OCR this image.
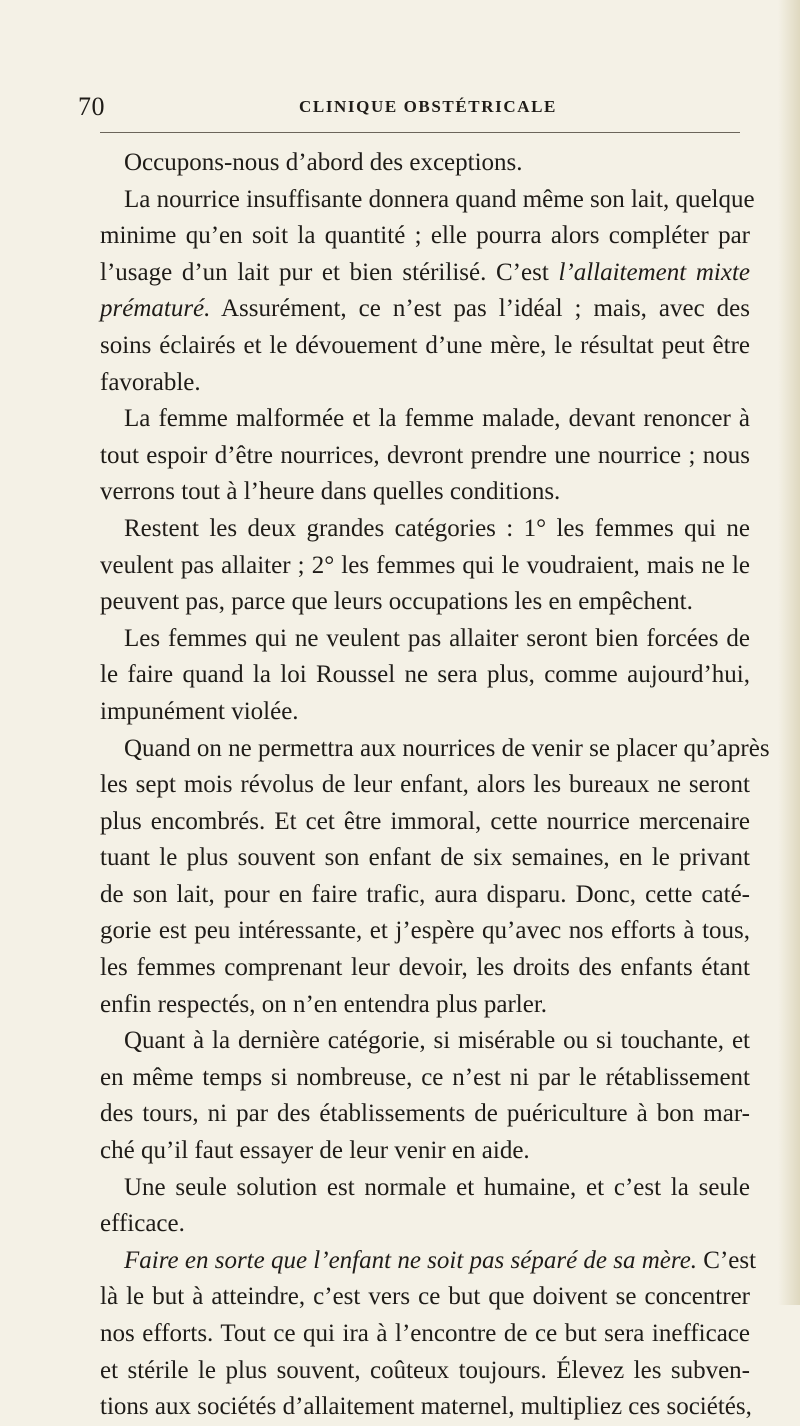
70	CLINIQUE OBSTÉTRICALE
Occupons-nous d’abord des exceptions.
La nourrice insuffisante donnera quand même son lait, quelque
minime qu’en soit la quantité ; elle pourra alors compléter par
l’usage d’un lait pur et bien stérilisé. C’est l’allaitement mixte
prématuré. Assurément, ce n’est pas l’idéal ; mais, avec des
soins éclairés et le dévouement d’une mère, le résultat peut être
favorable.
La femme malformée et la femme malade, devant renoncer à
tout espoir d’être nourrices, devront prendre une nourrice ; nous
verrons tout à l’heure dans quelles conditions.
Restent les deux grandes catégories : 1° les femmes qui ne
veulent pas allaiter ; 2° les femmes qui le voudraient, mais ne le
peuvent pas, parce que leurs occupations les en empêchent.
Les femmes qui ne veulent pas allaiter seront bien forcées de
le faire quand la loi Roussel ne sera plus, comme aujourd’hui,
impunément violée.
Quand on ne permettra aux nourrices de venir se placer qu’après
les sept mois révolus de leur enfant, alors les bureaux ne seront
plus encombrés. Et cet être immoral, cette nourrice mercenaire
tuant le plus souvent son enfant de six semaines, en le privant
de son lait, pour en faire trafic, aura disparu. Donc, cette caté-
gorie est peu intéressante, et j’espère qu’avec nos efforts à tous,
les femmes comprenant leur devoir, les droits des enfants étant
enfin respectés, on n’en entendra plus parler.
Quant à la dernière catégorie, si misérable ou si touchante, et
en même temps si nombreuse, ce n’est ni par le rétablissement
des tours, ni par des établissements de puériculture à bon mar-
ché qu’il faut essayer de leur venir en aide.
Une seule solution est normale et humaine, et c’est la seule
efficace.
Faire en sorte que l’enfant ne soit pas séparé de sa mère. C’est
là le but à atteindre, c’est vers ce but que doivent se concentrer
nos efforts. Tout ce qui ira à l’encontre de ce but sera inefficace
et stérile le plus souvent, coûteux toujours. Élevez les subven-
tions aux sociétés d’allaitement maternel, multipliez ces sociétés,
